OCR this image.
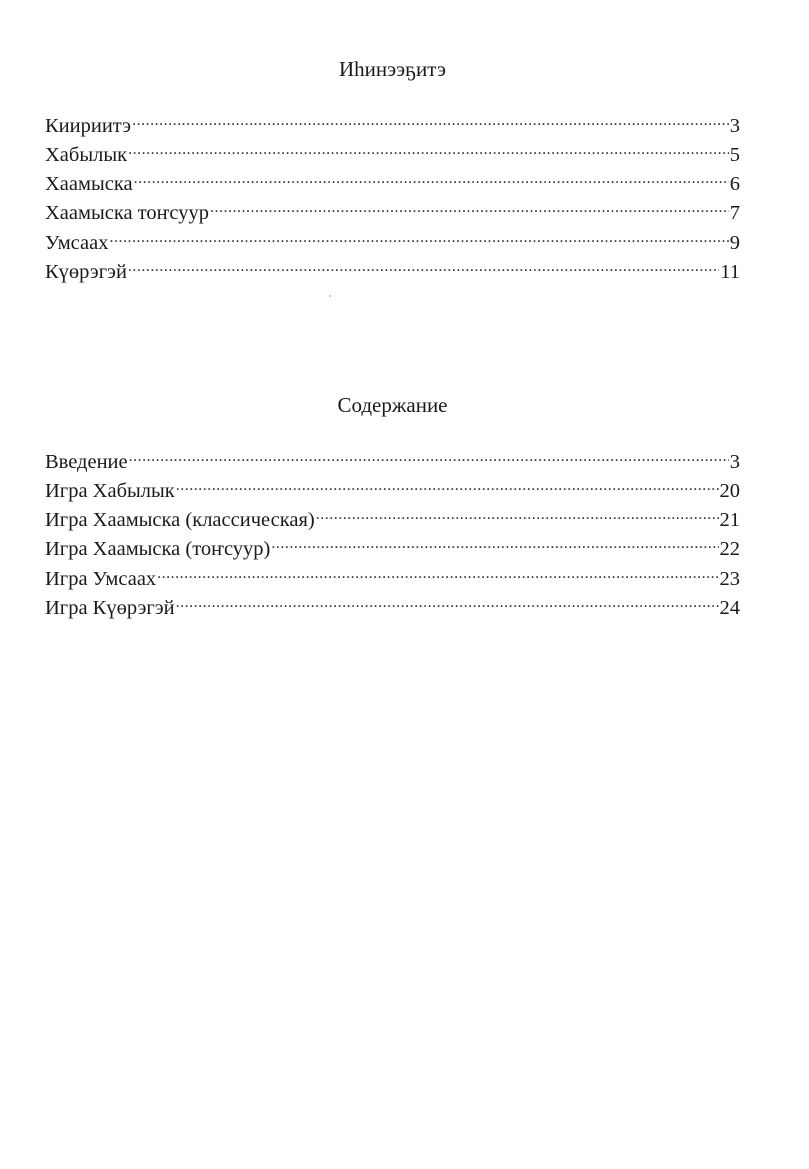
Иhинээҕитэ
Киириитэ .....	3
Хабылык .....	5
Хаамыска .....	6
Хаамыска тоҥсуур .....	7
Умсаах .....	9
Күөрэгэй .....	11
Содержание
Введение .....	3
Игра Хабылык .....	20
Игра Хаамыска (классическая) .....	21
Игра Хаамыска (тоҥсуур) .....	22
Игра Умсаах .....	23
Игра Күөрэгэй .....	24
